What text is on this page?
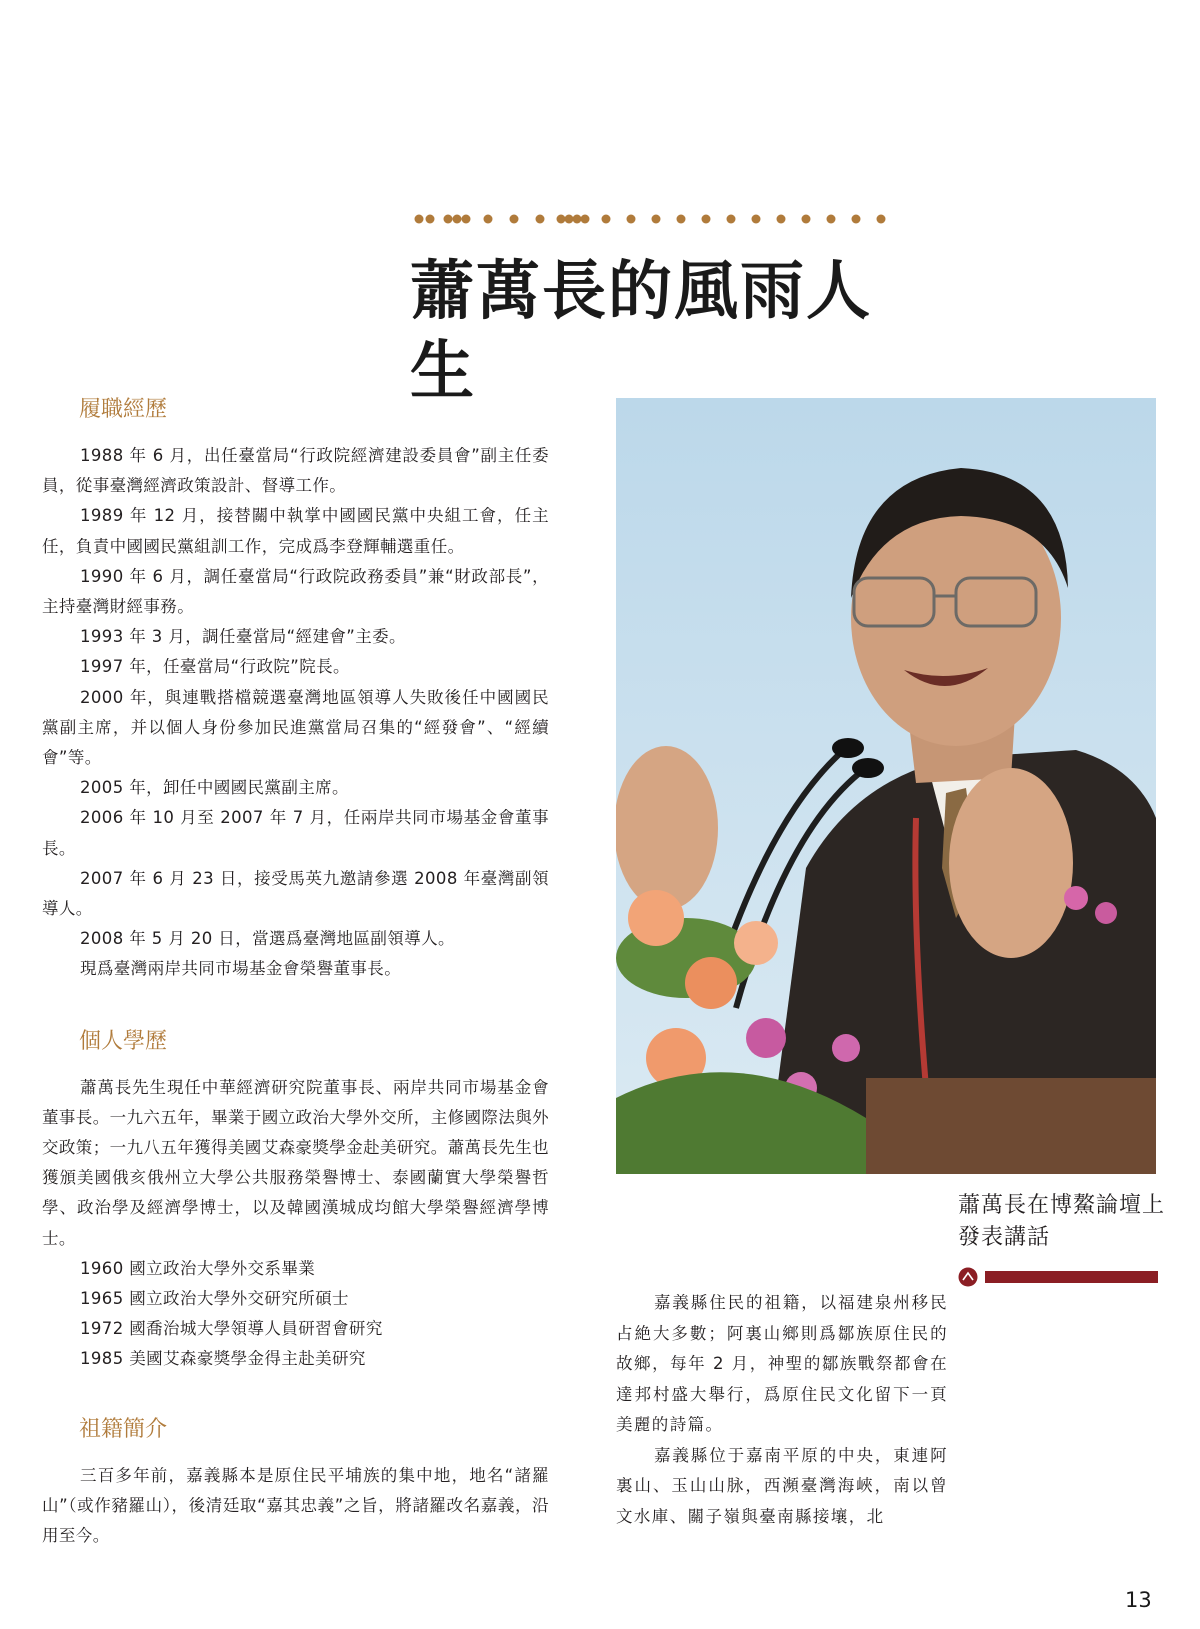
蕭萬長的風雨人生
履職經歷

1988 年 6 月，出任臺當局“行政院經濟建設委員會”副主任委員，從事臺灣經濟政策設計、督導工作。

1989 年 12 月，接替關中執掌中國國民黨中央組工會，任主任，負責中國國民黨組訓工作，完成爲李登輝輔選重任。

1990 年 6 月，調任臺當局“行政院政務委員”兼“財政部長”，主持臺灣財經事務。

1993 年 3 月，調任臺當局“經建會”主委。

1997 年，任臺當局“行政院”院長。

2000 年，與連戰搭檔競選臺灣地區領導人失敗後任中國國民黨副主席，并以個人身份參加民進黨當局召集的“經發會”、“經續會”等。

2005 年，卸任中國國民黨副主席。

2006 年 10 月至 2007 年 7 月，任兩岸共同市場基金會董事長。

2007 年 6 月 23 日，接受馬英九邀請參選 2008 年臺灣副領導人。

2008 年 5 月 20 日，當選爲臺灣地區副領導人。

現爲臺灣兩岸共同市場基金會榮譽董事長。

個人學歷

蕭萬長先生現任中華經濟研究院董事長、兩岸共同市場基金會董事長。一九六五年，畢業于國立政治大學外交所，主修國際法與外交政策；一九八五年獲得美國艾森豪獎學金赴美研究。蕭萬長先生也獲頒美國俄亥俄州立大學公共服務榮譽博士、泰國蘭實大學榮譽哲學、政治學及經濟學博士，以及韓國漢城成均館大學榮譽經濟學博士。

1960 國立政治大學外交系畢業

1965 國立政治大學外交研究所碩士

1972 國喬治城大學領導人員研習會研究

1985 美國艾森豪獎學金得主赴美研究

祖籍簡介

三百多年前，嘉義縣本是原住民平埔族的集中地，地名“諸羅山”（或作豬羅山），後清廷取“嘉其忠義”之旨，將諸羅改名嘉義，沿用至今。

蕭萬長在博鰲論壇上發表講話

嘉義縣住民的祖籍，以福建泉州移民占絶大多數；阿裏山鄉則爲鄒族原住民的故鄉，每年 2 月，神聖的鄒族戰祭都會在達邦村盛大舉行，爲原住民文化留下一頁美麗的詩篇。

嘉義縣位于嘉南平原的中央，東連阿裏山、玉山山脉，西瀕臺灣海峽，南以曾文水庫、關子嶺與臺南縣接壤，北

13
